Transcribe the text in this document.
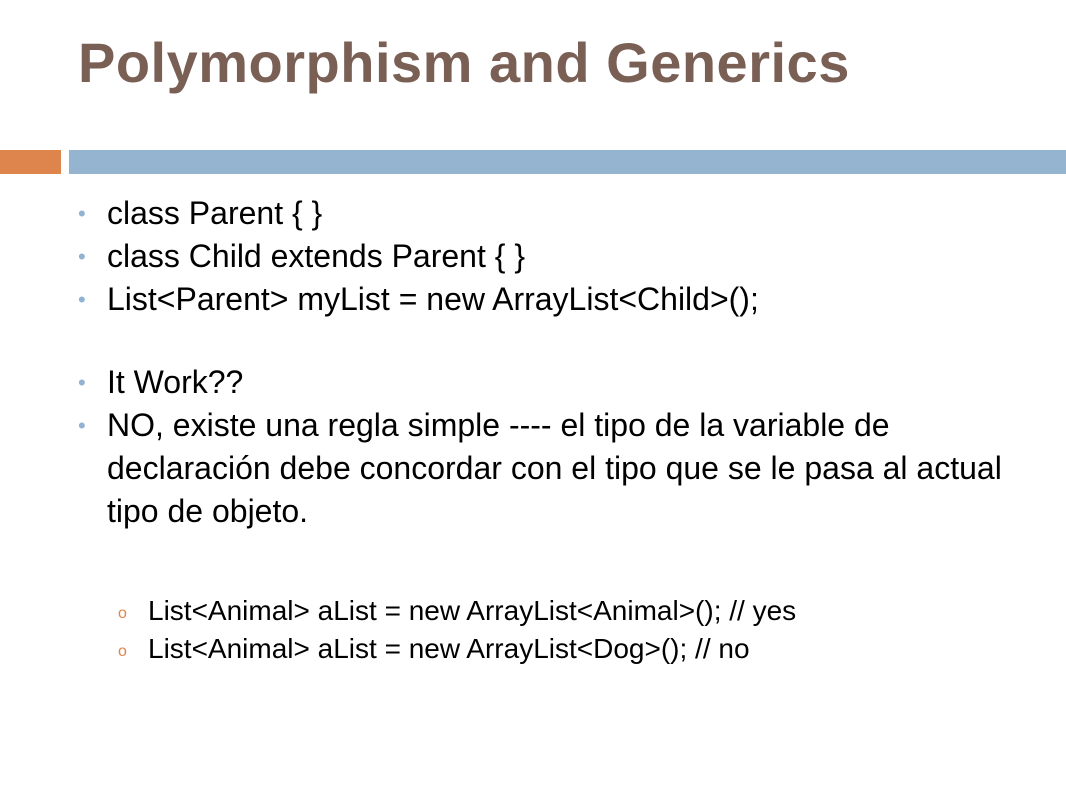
Polymorphism and Generics
• class Parent { }
• class Child extends Parent { }
• List<Parent> myList = new ArrayList<Child>();
• It Work??
• NO, existe una regla simple ---- el tipo de la variable de declaración debe concordar con el tipo que se le pasa al actual tipo de objeto.
o List<Animal> aList = new ArrayList<Animal>(); // yes
o List<Animal> aList = new ArrayList<Dog>(); // no
